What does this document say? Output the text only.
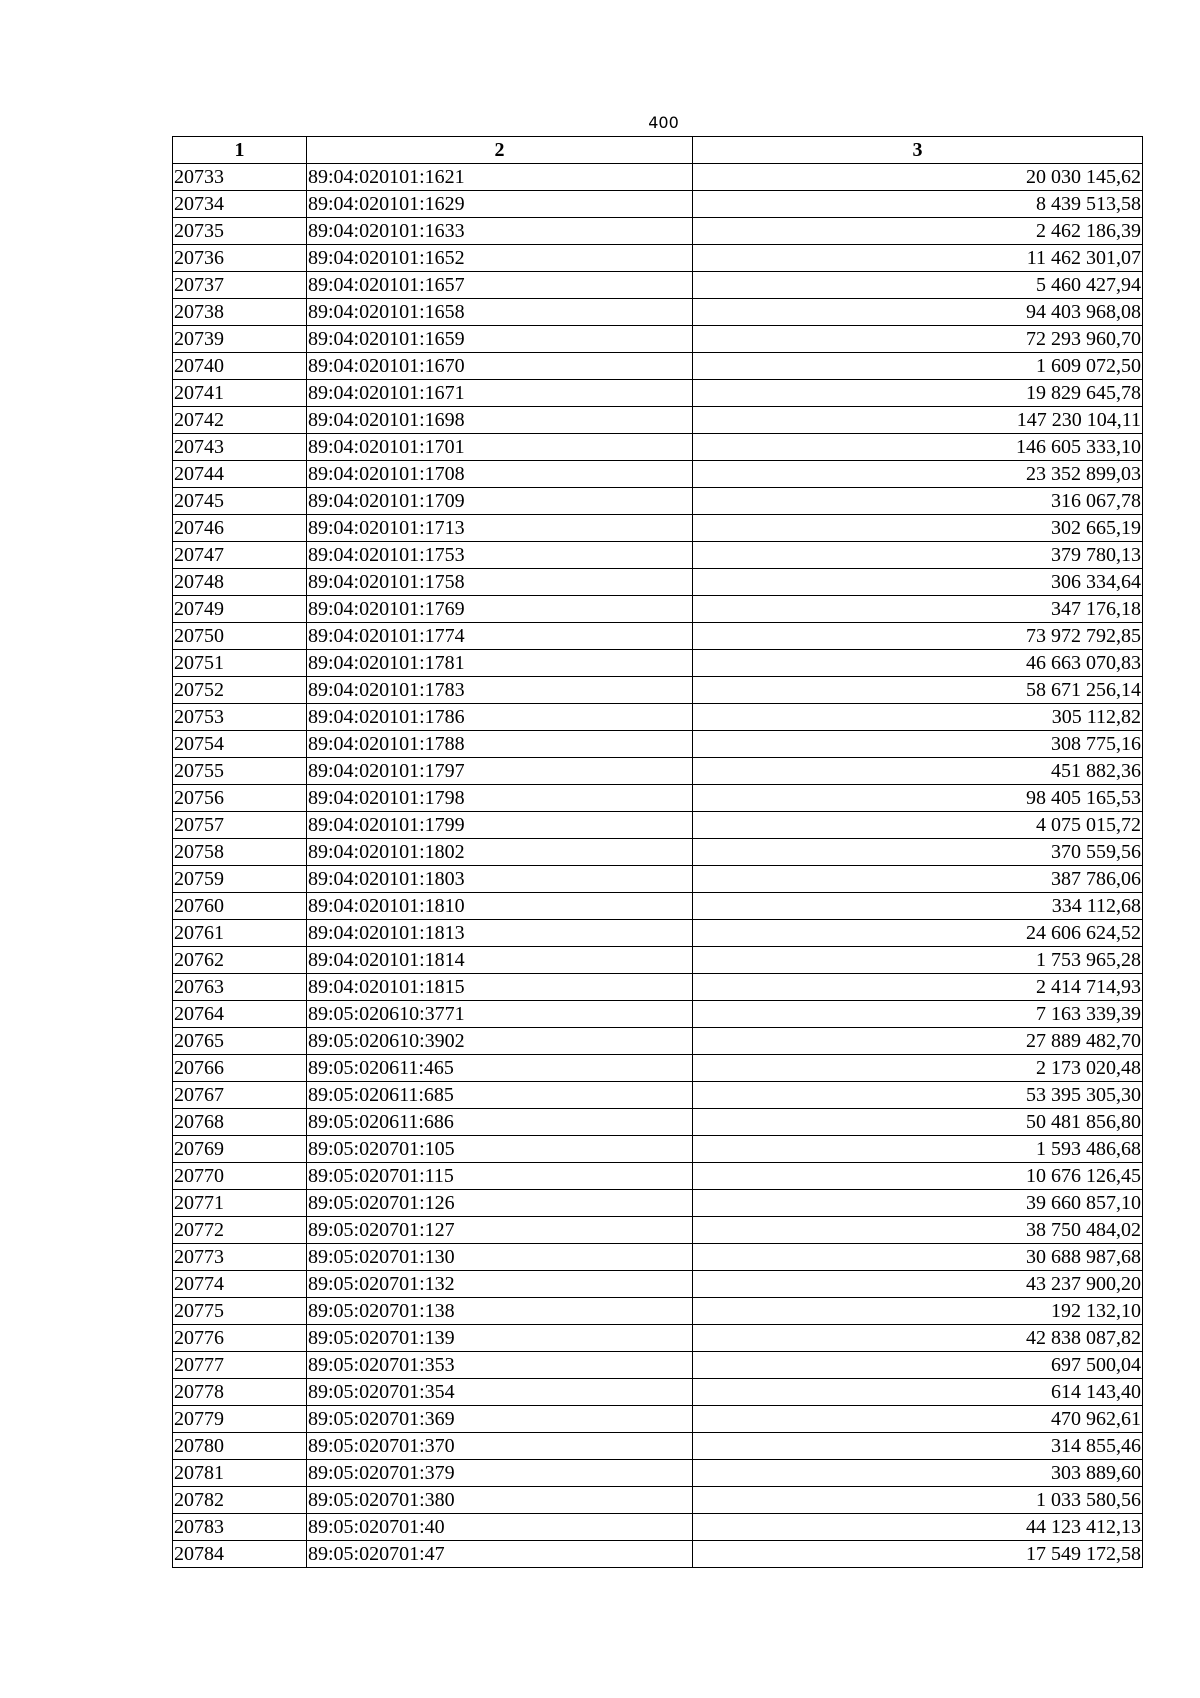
400
1	2	3
20733	89:04:020101:1621	20 030 145,62
20734	89:04:020101:1629	8 439 513,58
20735	89:04:020101:1633	2 462 186,39
20736	89:04:020101:1652	11 462 301,07
20737	89:04:020101:1657	5 460 427,94
20738	89:04:020101:1658	94 403 968,08
20739	89:04:020101:1659	72 293 960,70
20740	89:04:020101:1670	1 609 072,50
20741	89:04:020101:1671	19 829 645,78
20742	89:04:020101:1698	147 230 104,11
20743	89:04:020101:1701	146 605 333,10
20744	89:04:020101:1708	23 352 899,03
20745	89:04:020101:1709	316 067,78
20746	89:04:020101:1713	302 665,19
20747	89:04:020101:1753	379 780,13
20748	89:04:020101:1758	306 334,64
20749	89:04:020101:1769	347 176,18
20750	89:04:020101:1774	73 972 792,85
20751	89:04:020101:1781	46 663 070,83
20752	89:04:020101:1783	58 671 256,14
20753	89:04:020101:1786	305 112,82
20754	89:04:020101:1788	308 775,16
20755	89:04:020101:1797	451 882,36
20756	89:04:020101:1798	98 405 165,53
20757	89:04:020101:1799	4 075 015,72
20758	89:04:020101:1802	370 559,56
20759	89:04:020101:1803	387 786,06
20760	89:04:020101:1810	334 112,68
20761	89:04:020101:1813	24 606 624,52
20762	89:04:020101:1814	1 753 965,28
20763	89:04:020101:1815	2 414 714,93
20764	89:05:020610:3771	7 163 339,39
20765	89:05:020610:3902	27 889 482,70
20766	89:05:020611:465	2 173 020,48
20767	89:05:020611:685	53 395 305,30
20768	89:05:020611:686	50 481 856,80
20769	89:05:020701:105	1 593 486,68
20770	89:05:020701:115	10 676 126,45
20771	89:05:020701:126	39 660 857,10
20772	89:05:020701:127	38 750 484,02
20773	89:05:020701:130	30 688 987,68
20774	89:05:020701:132	43 237 900,20
20775	89:05:020701:138	192 132,10
20776	89:05:020701:139	42 838 087,82
20777	89:05:020701:353	697 500,04
20778	89:05:020701:354	614 143,40
20779	89:05:020701:369	470 962,61
20780	89:05:020701:370	314 855,46
20781	89:05:020701:379	303 889,60
20782	89:05:020701:380	1 033 580,56
20783	89:05:020701:40	44 123 412,13
20784	89:05:020701:47	17 549 172,58
